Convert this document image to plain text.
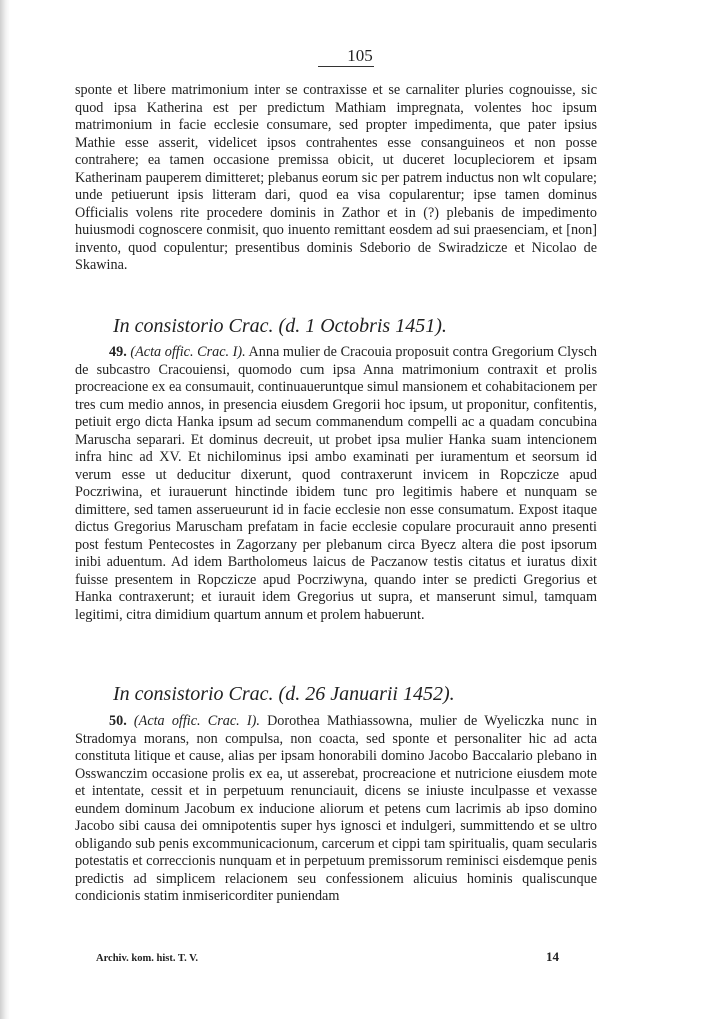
105

sponte et libere matrimonium inter se contraxisse et se carnaliter pluries cognouisse, sic quod ipsa Katherina est per predictum Mathiam impregnata, volentes hoc ipsum matrimonium in facie ecclesie consumare, sed propter impedimenta, que pater ipsius Mathie esse asserit, videlicet ipsos contrahentes esse consanguineos et non posse contrahere; ea tamen occasione premissa obicit, ut duceret locupleciorem et ipsam Katherinam pauperem dimitteret; plebanus eorum sic per patrem inductus non wlt copulare; unde petiuerunt ipsis litteram dari, quod ea visa copularentur; ipse tamen dominus Officialis volens rite procedere dominis in Zathor et in (?) plebanis de impedimento huiusmodi cognoscere conmisit, quo inuento remittant eosdem ad sui praesenciam, et [non] invento, quod copulentur; presentibus dominis Sdeborio de Swiradzicze et Nicolao de Skawina.

In consistorio Crac. (d. 1 Octobris 1451).

49. (Acta offic. Crac. I). Anna mulier de Cracouia proposuit contra Gregorium Clysch de subcastro Cracouiensi, quomodo cum ipsa Anna matrimonium contraxit et prolis procreacione ex ea consumauit, continuaueruntque simul mansionem et cohabitacionem per tres cum medio annos, in presencia eiusdem Gregorii hoc ipsum, ut proponitur, confitentis, petiuit ergo dicta Hanka ipsum ad secum commanendum compelli ac a quadam concubina Maruscha separari. Et dominus decreuit, ut probet ipsa mulier Hanka suam intencionem infra hinc ad XV. Et nichilominus ipsi ambo examinati per iuramentum et seorsum id verum esse ut deducitur dixerunt, quod contraxerunt invicem in Ropczicze apud Poczriwina, et iurauerunt hinctinde ibidem tunc pro legitimis habere et nunquam se dimittere, sed tamen asserueurunt id in facie ecclesie non esse consumatum. Expost itaque dictus Gregorius Maruscham prefatam in facie ecclesie copulare procurauit anno presenti post festum Pentecostes in Zagorzany per plebanum circa Byecz altera die post ipsorum inibi aduentum. Ad idem Bartholomeus laicus de Paczanow testis citatus et iuratus dixit fuisse presentem in Ropczicze apud Pocrziwyna, quando inter se predicti Gregorius et Hanka contraxerunt; et iurauit idem Gregorius ut supra, et manserunt simul, tamquam legitimi, citra dimidium quartum annum et prolem habuerunt.

In consistorio Crac. (d. 26 Januarii 1452).

50. (Acta offic. Crac. I). Dorothea Mathiassowna, mulier de Wyeliczka nunc in Stradomya morans, non compulsa, non coacta, sed sponte et personaliter hic ad acta constituta litique et cause, alias per ipsam honorabili domino Jacobo Baccalario plebano in Osswanczim occasione prolis ex ea, ut asserebat, procreacione et nutricione eiusdem mote et intentate, cessit et in perpetuum renunciauit, dicens se iniuste inculpasse et vexasse eundem dominum Jacobum ex inducione aliorum et petens cum lacrimis ab ipso domino Jacobo sibi causa dei omnipotentis super hys ignosci et indulgeri, summittendo et se ultro obligando sub penis excommunicacionum, carcerum et cippi tam spiritualis, quam secularis potestatis et correccionis nunquam et in perpetuum premissorum reminisci eisdemque penis predictis ad simplicem relacionem seu confessionem alicuius hominis qualiscunque condicionis statim inmisericorditer puniendam

Archiv. kom. hist. T. V.	14
